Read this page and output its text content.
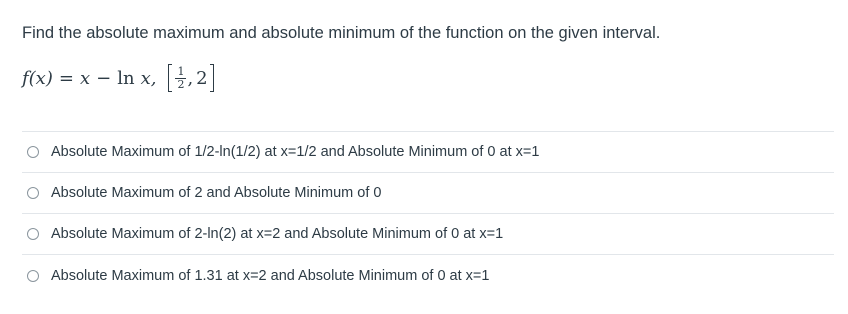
Find the absolute maximum and absolute minimum of the function on the given interval.
f(x) = x − ln x, $\frac{1}{2}$ , 2
Absolute Maximum of 1/2-ln(1/2) at x=1/2 and Absolute Minimum of 0 at x=1
Absolute Maximum of 2 and Absolute Minimum of 0
Absolute Maximum of 2-ln(2) at x=2 and Absolute Minimum of 0 at x=1
Absolute Maximum of 1.31 at x=2 and Absolute Minimum of 0 at x=1
